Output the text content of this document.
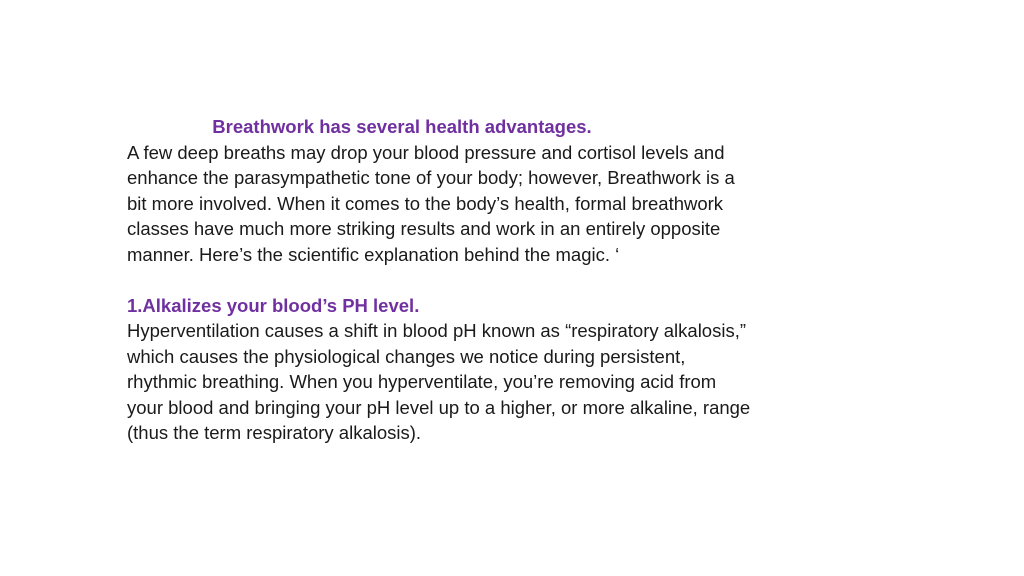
Breathwork has several health advantages.
A few deep breaths may drop your blood pressure and cortisol levels and
enhance the parasympathetic tone of your body; however, Breathwork is a
bit more involved. When it comes to the body’s health, formal breathwork
classes have much more striking results and work in an entirely opposite
manner. Here’s the scientific explanation behind the magic. ‘
1.Alkalizes your blood’s PH level.
Hyperventilation causes a shift in blood pH known as “respiratory alkalosis,”
which causes the physiological changes we notice during persistent,
rhythmic breathing. When you hyperventilate, you’re removing acid from
your blood and bringing your pH level up to a higher, or more alkaline, range
(thus the term respiratory alkalosis).
